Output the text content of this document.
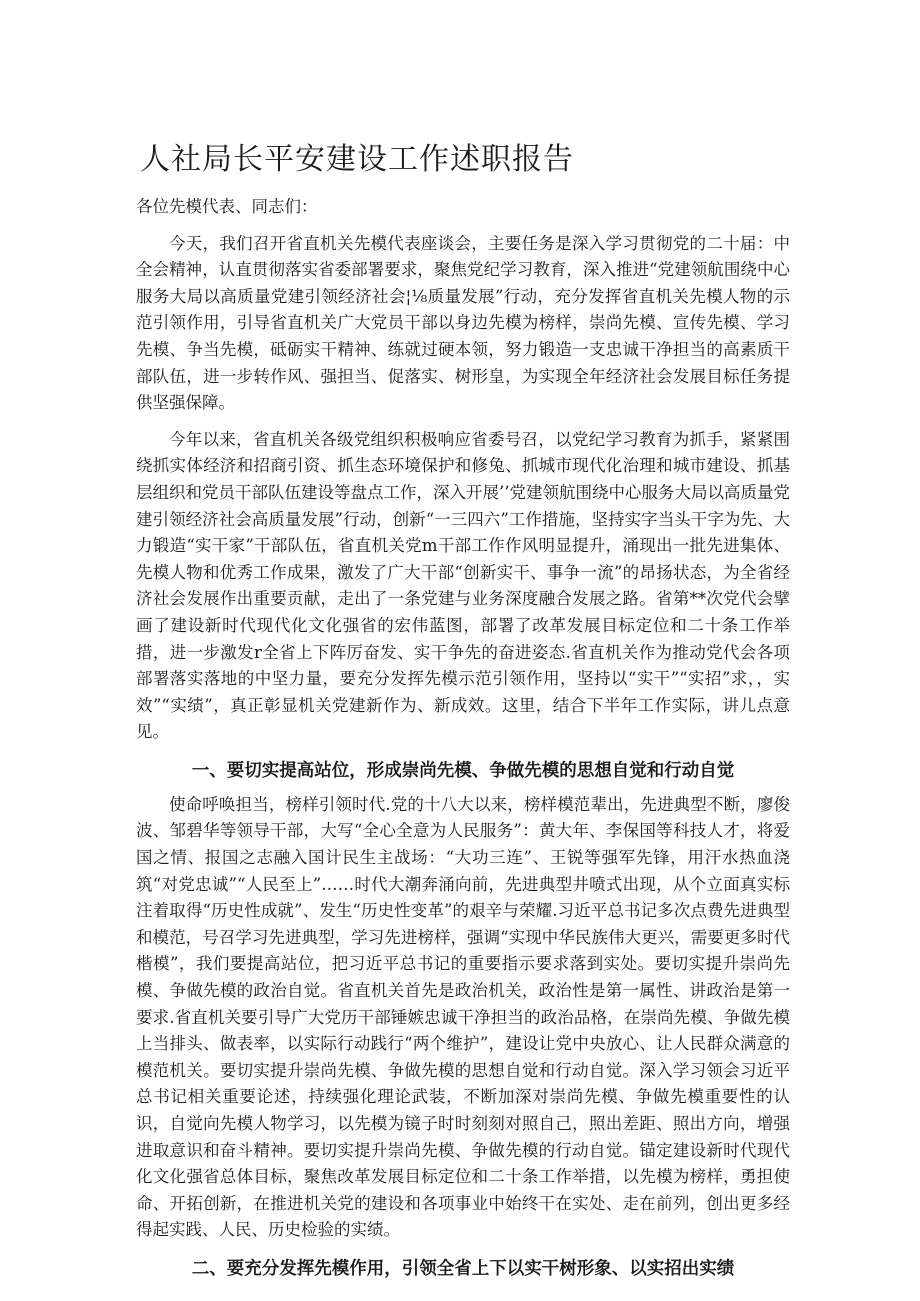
人社局长平安建设工作述职报告

各位先模代表、同志们：

今天，我们召开省直机关先模代表座谈会，主要任务是深入学习贯彻党的二十届：中全会精神，认直贯彻落实省委部署要求，聚焦党纪学习教育，深入推进“党建领航围绕中心服务大局以高质量党建引领经济社会¦⅛质量发展”行动，充分发挥省直机关先模人物的示范引领作用，引导省直机关广大党员干部以身边先模为榜样，崇尚先模、宣传先模、学习先模、争当先模，砥砺实干精神、练就过硬本领，努力锻造一支忠诚干净担当的高素质干部队伍，进一步转作风、强担当、促落实、树形皇，为实现全年经济社会发展目标任务提供坚强保障。

今年以来，省直机关各级党组织积极响应省委号召，以党纪学习教育为抓手，紧紧围绕抓实体经济和招商引资、抓生态环境保护和修兔、抓城市现代化治理和城市建设、抓基层组织和党员干部队伍建设等盘点工作，深入开展’’党建领航围绕中心服务大局以高质量党建引领经济社会高质量发展”行动，创新“一三四六”工作措施，坚持实字当头干字为先、大力锻造“实干家”干部队伍，省直机关党m干部工作作风明显提升，涌现出一批先进集体、先模人物和优秀工作成果，激发了广大干部“创新实干、事争一流”的昂扬状态，为全省经济社会发展作出重要贡献，走出了一条党建与业务深度融合发展之路。省第**次党代会擘画了建设新时代现代化文化强省的宏伟蓝图，部署了改革发展目标定位和二十条工作举措，进一步激发r全省上下阵厉奋发、实干争先的奋进姿态.省直机关作为推动党代会各项部署落实落地的中坚力量，要充分发挥先模示范引领作用，坚持以“实干”“实招”求，，实效”“实绩”，真正彰显机关党建新作为、新成效。这里，结合下半年工作实际，讲儿点意见。

一、要切实提高站位，形成崇尚先模、争做先模的思想自觉和行动自觉

使命呼唤担当，榜样引领时代.党的十八大以来，榜样模范辈出，先进典型不断，廖俊波、邹碧华等领导干部，大写“全心全意为人民服务”：黄大年、李保国等科技人才，将爱国之情、报国之志融入国计民生主战场：“大功三连”、王锐等强军先锋，用汗水热血浇筑“对党忠诚”“人民至上”……时代大潮奔涌向前，先进典型井喷式出现，从个立面真实标注着取得“历史性成就”、发生“历史性变革”的艰辛与荣耀.习近平总书记多次点费先进典型和模范，号召学习先进典型，学习先进榜样，强调“实现中华民族伟大更兴，需要更多时代楷模”，我们要提高站位，把习近平总书记的重要指示要求落到实处。要切实提升崇尚先模、争做先模的政治自觉。省直机关首先是政治机关，政治性是第一属性、讲政治是第一要求.省直机关要引导广大党历干部锤嫉忠诚干净担当的政治品格，在崇尚先模、争做先模上当排头、做表率，以实际行动践行“两个维护”，建设让党中央放心、让人民群众满意的模范机关。要切实提升崇尚先模、争做先模的思想自觉和行动自觉。深入学习领会习近平总书记相关重要论述，持续强化理论武装，不断加深对崇尚先模、争做先模重要性的认识，自觉向先模人物学习，以先模为镜子时时刻刻对照自己，照出差距、照出方向，增强进取意识和奋斗精神。要切实提升崇尚先模、争做先模的行动自觉。锚定建设新时代现代化文化强省总体目标，聚焦改革发展目标定位和二十条工作举措，以先模为榜样，勇担使命、开拓创新，在推进机关党的建设和各项事业中始终干在实处、走在前列，创出更多经得起实践、人民、历史检验的实绩。

二、要充分发挥先模作用，引领全省上下以实干树形象、以实招出实绩
